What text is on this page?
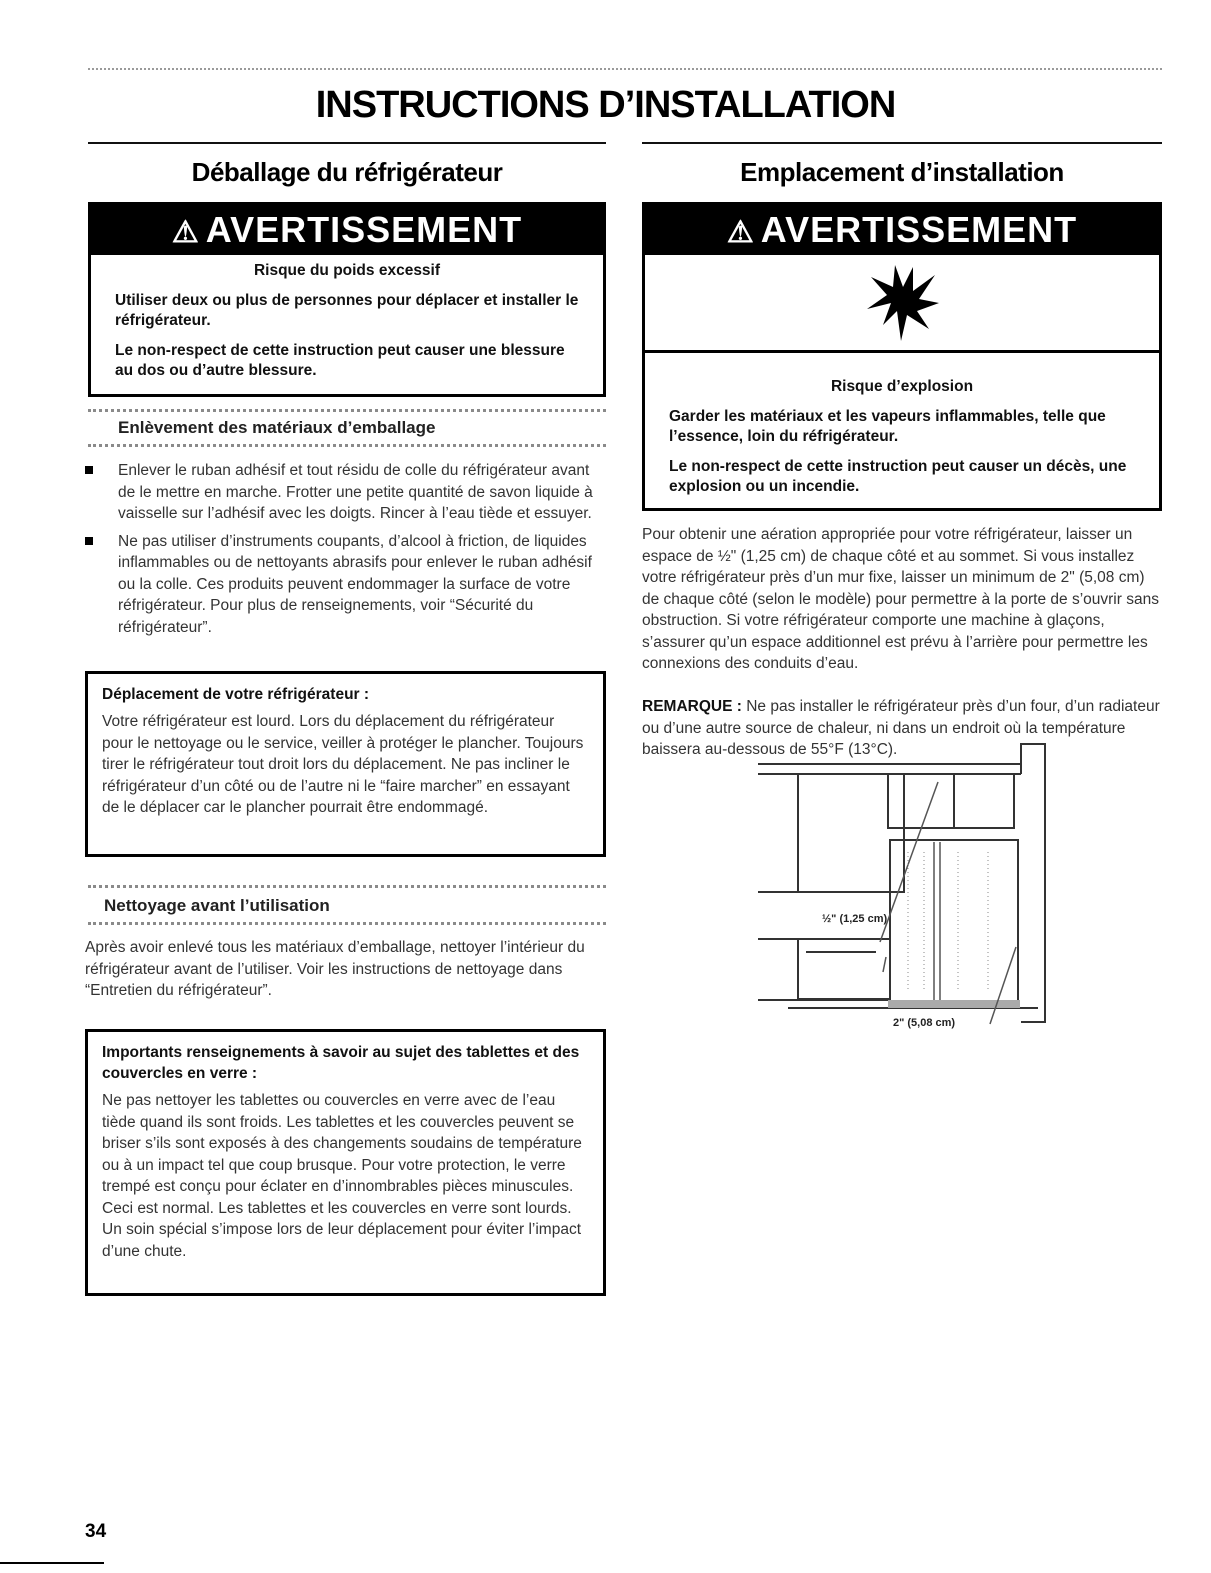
INSTRUCTIONS D’INSTALLATION
Déballage du réfrigérateur
⚠ AVERTISSEMENT
Risque du poids excessif

Utiliser deux ou plus de personnes pour déplacer et installer le réfrigérateur.

Le non-respect de cette instruction peut causer une blessure au dos ou d’autre blessure.

Enlèvement des matériaux d’emballage
Enlever le ruban adhésif et tout résidu de colle du réfrigérateur avant de le mettre en marche. Frotter une petite quantité de savon liquide à vaisselle sur l’adhésif avec les doigts. Rincer à l’eau tiède et essuyer.
Ne pas utiliser d’instruments coupants, d’alcool à friction, de liquides inflammables ou de nettoyants abrasifs pour enlever le ruban adhésif ou la colle. Ces produits peuvent endommager la surface de votre réfrigérateur. Pour plus de renseignements, voir “Sécurité du réfrigérateur”.
Déplacement de votre réfrigérateur :
Votre réfrigérateur est lourd. Lors du déplacement du réfrigérateur pour le nettoyage ou le service, veiller à protéger le plancher. Toujours tirer le réfrigérateur tout droit lors du déplacement. Ne pas incliner le réfrigérateur d’un côté ou de l’autre ni le “faire marcher” en essayant de le déplacer car le plancher pourrait être endommagé.
Nettoyage avant l’utilisation
Après avoir enlevé tous les matériaux d’emballage, nettoyer l’intérieur du réfrigérateur avant de l’utiliser. Voir les instructions de nettoyage dans “Entretien du réfrigérateur”.
Importants renseignements à savoir au sujet des tablettes et des couvercles en verre :
Ne pas nettoyer les tablettes ou couvercles en verre avec de l’eau tiède quand ils sont froids. Les tablettes et les couvercles peuvent se briser s’ils sont exposés à des changements soudains de température ou à un impact tel que coup brusque. Pour votre protection, le verre trempé est conçu pour éclater en d’innombrables pièces minuscules. Ceci est normal. Les tablettes et les couvercles en verre sont lourds. Un soin spécial s’impose lors de leur déplacement pour éviter l’impact d’une chute.
Emplacement d’installation
⚠ AVERTISSEMENT
Risque d’explosion

Garder les matériaux et les vapeurs inflammables, telle que l’essence, loin du réfrigérateur.

Le non-respect de cette instruction peut causer un décès, une explosion ou un incendie.

Pour obtenir une aération appropriée pour votre réfrigérateur, laisser un espace de ½" (1,25 cm) de chaque côté et au sommet. Si vous installez votre réfrigérateur près d’un mur fixe, laisser un minimum de 2" (5,08 cm) de chaque côté (selon le modèle) pour permettre à la porte de s’ouvrir sans obstruction. Si votre réfrigérateur comporte une machine à glaçons, s’assurer qu’un espace additionnel est prévu à l’arrière pour permettre les connexions des conduits d’eau.
REMARQUE : Ne pas installer le réfrigérateur près d’un four, d’un radiateur ou d’une autre source de chaleur, ni dans un endroit où la température baissera au-dessous de 55°F (13°C).
½" (1,25 cm)
2" (5,08 cm)
34
